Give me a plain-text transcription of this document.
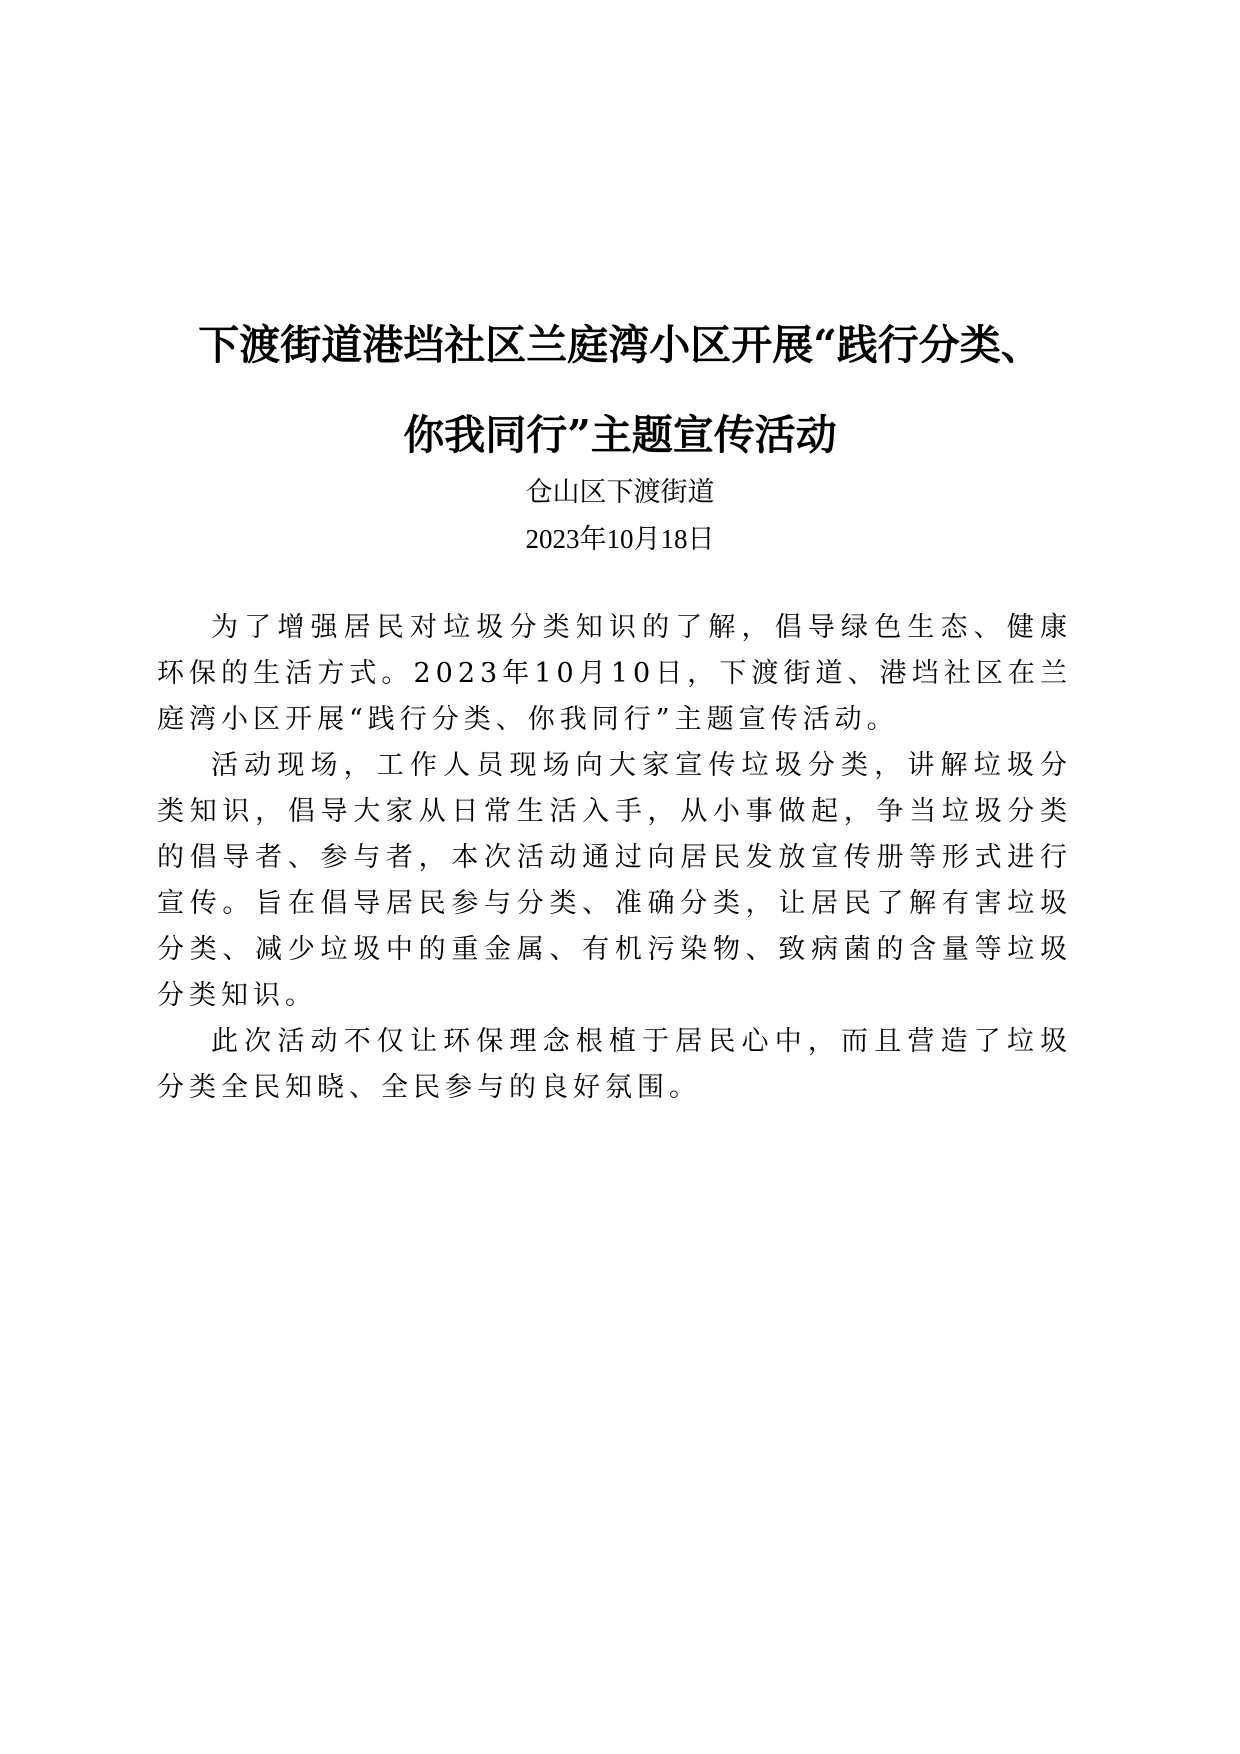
下渡街道港垱社区兰庭湾小区开展“践行分类、
你我同行”主题宣传活动
仓山区下渡街道
2023年10月18日

为了增强居民对垃圾分类知识的了解，倡导绿色生态、健康环保的生活方式。2023年10月10日，下渡街道、港垱社区在兰庭湾小区开展“践行分类、你我同行”主题宣传活动。

活动现场，工作人员现场向大家宣传垃圾分类，讲解垃圾分类知识，倡导大家从日常生活入手，从小事做起，争当垃圾分类的倡导者、参与者，本次活动通过向居民发放宣传册等形式进行宣传。旨在倡导居民参与分类、准确分类，让居民了解有害垃圾分类、减少垃圾中的重金属、有机污染物、致病菌的含量等垃圾分类知识。

此次活动不仅让环保理念根植于居民心中，而且营造了垃圾分类全民知晓、全民参与的良好氛围。
